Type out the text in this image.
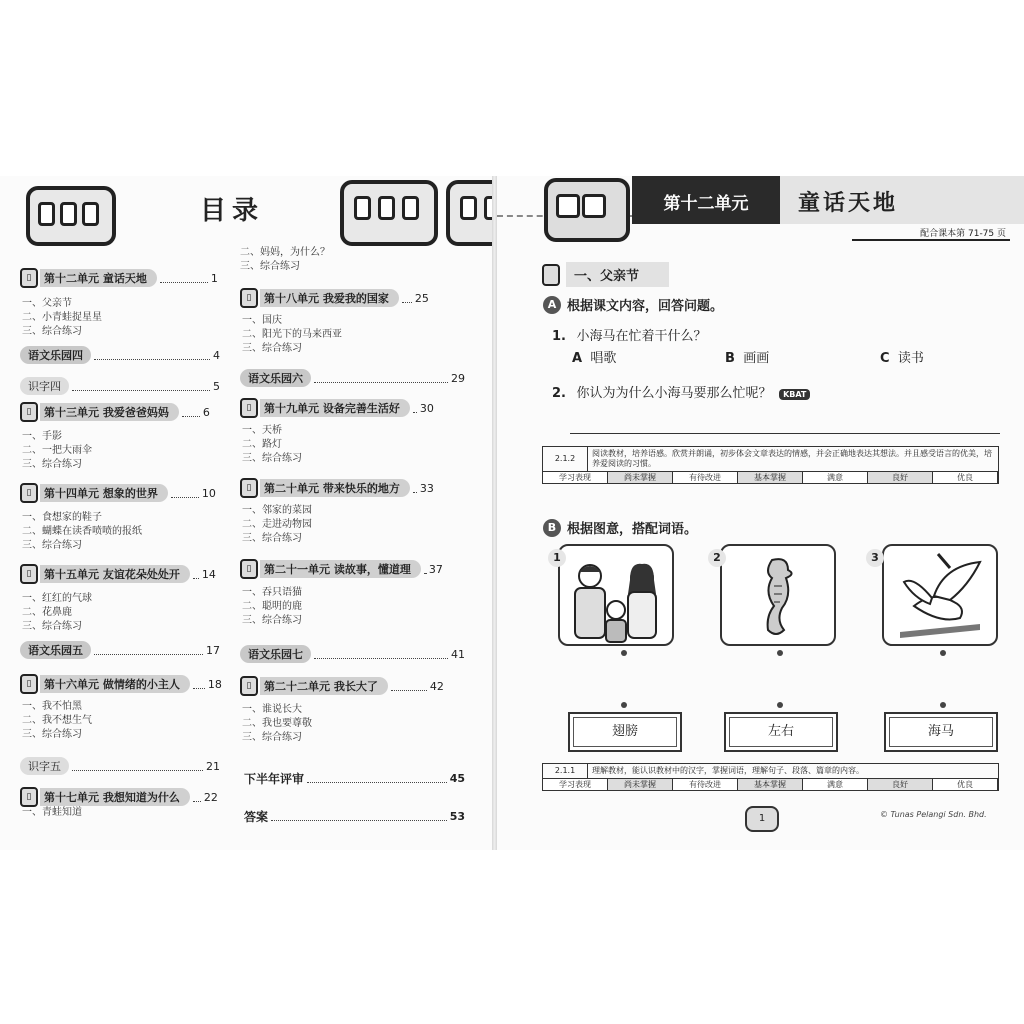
目录
▯	第十二单元 童话天地	1
一、父亲节
二、小青蛙捉星星
三、综合练习
语文乐园四	4
识字四	5
▯	第十三单元 我爱爸爸妈妈	6
一、手影
二、一把大雨伞
三、综合练习
▯	第十四单元 想象的世界	10
一、食想家的鞋子
二、蝴蝶在读香喷喷的报纸
三、综合练习
▯	第十五单元 友谊花朵处处开	14
一、红红的气球
二、花鼻鹿
三、综合练习
语文乐园五	17
▯	第十六单元 做情绪的小主人	18
一、我不怕黑
二、我不想生气
三、综合练习
识字五	21
▯	第十七单元 我想知道为什么	22
一、青蛙知道
二、妈妈，为什么？
三、综合练习
▯	第十八单元 我爱我的国家	25
一、国庆
二、阳光下的马来西亚
三、综合练习
语文乐园六	29
▯	第十九单元 设备完善生活好	30
一、天桥
二、路灯
三、综合练习
▯	第二十单元 带来快乐的地方	33
一、邻家的菜园
二、走进动物园
三、综合练习
▯	第二十一单元 读故事，懂道理	37
一、吞只语猫
二、聪明的鹿
三、综合练习
语文乐园七	41
▯	第二十二单元 我长大了	42
一、谁说长大
二、我也要尊敬
三、综合练习
下半年评审	45
答案	53
第十二单元	童话天地
配合课本第 71-75 页
一、父亲节
A 根据课文内容，回答问题。
1. 小海马在忙着干什么？
A 唱歌	B 画画	C 读书
2. 你认为为什么小海马要那么忙呢？ KBAT
2.1.2
阅读教材，培养语感。欣赏并朗诵，初步体会文章表达的情感，并会正确地表达其想法。并且感受语言的优美，培养爱阅读的习惯。
学习表现	尚未掌握	有待改进	基本掌握	满意	良好	优良
B 根据图意，搭配词语。
1	2	3
翅膀	左右	海马
2.1.1	理解教材，能认识教材中的汉字，掌握词语，理解句子、段落、篇章的内容。
学习表现	尚未掌握	有待改进	基本掌握	满意	良好	优良
1	© Tunas Pelangi Sdn. Bhd.
